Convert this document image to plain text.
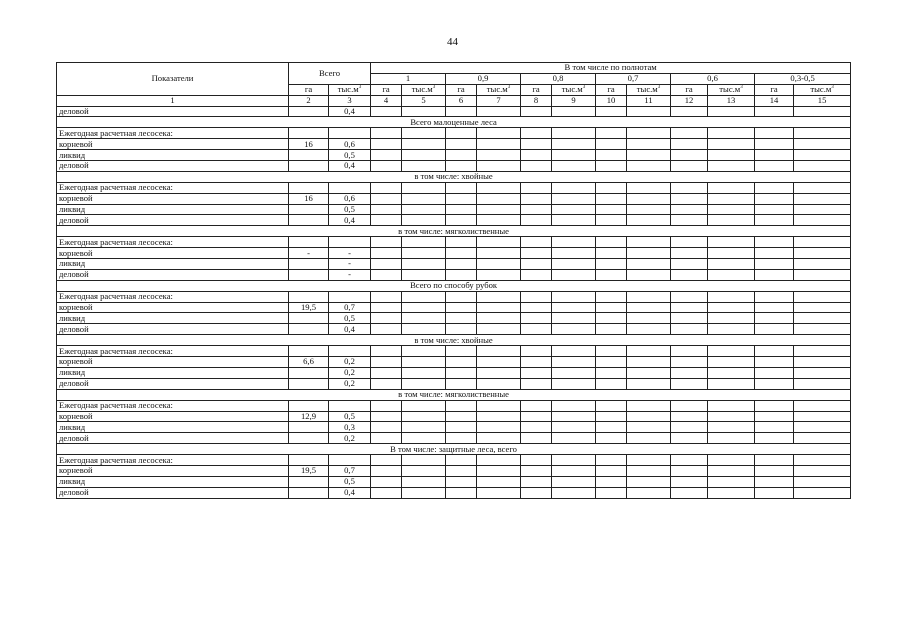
44
Показатели	Всего		В том числе по полнотам											
			1		0,9		0,8		0,7		0,6		0,3-0,5	
	га	$тыс.м^3$	га	$тыс.м^3$	га	$тыс.м^3$	га	$тыс.м^3$	га	$тыс.м^3$	га	$тыс.м^3$	га	$тыс.м^3$
1	2	3	4	5	6	7	8	9	10	11	12	13	14	15
деловой		0,4												
Всего малоценные леса														
Ежегодная расчетная лесосека:														
корневой	16	0,6												
ликвид		0,5												
деловой		0,4												
в том числе: хвойные														
Ежегодная расчетная лесосека:														
корневой	16	0,6												
ликвид		0,5												
деловой		0,4												
в том числе: мягколиственные														
Ежегодная расчетная лесосека:														
корневой	-	-												
ликвид		-												
деловой		-												
Всего по способу рубок														
Ежегодная расчетная лесосека:														
корневой	19,5	0,7												
ликвид		0,5												
деловой		0,4												
в том числе: хвойные														
Ежегодная расчетная лесосека:														
корневой	6,6	0,2												
ликвид		0,2												
деловой		0,2												
в том числе: мягколиственные														
Ежегодная расчетная лесосека:														
корневой	12,9	0,5												
ликвид		0,3												
деловой		0,2												
В том числе: защитные леса, всего														
Ежегодная расчетная лесосека:														
корневой	19,5	0,7												
ликвид		0,5												
деловой		0,4												
